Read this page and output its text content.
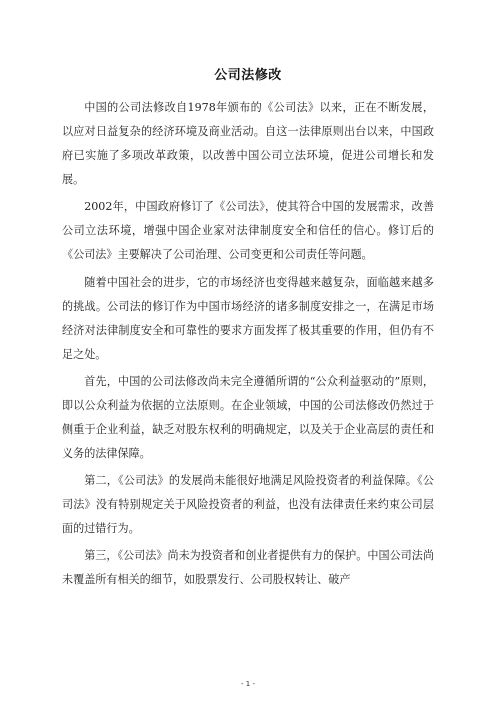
公司法修改

中国的公司法修改自1978年颁布的《公司法》以来，正在不断发展，以应对日益复杂的经济环境及商业活动。自这一法律原则出台以来，中国政府已实施了多项改革政策，以改善中国公司立法环境，促进公司增长和发展。

2002年，中国政府修订了《公司法》，使其符合中国的发展需求，改善公司立法环境，增强中国企业家对法律制度安全和信任的信心。修订后的《公司法》主要解决了公司治理、公司变更和公司责任等问题。

随着中国社会的进步，它的市场经济也变得越来越复杂，面临越来越多的挑战。公司法的修订作为中国市场经济的诸多制度安排之一，在满足市场经济对法律制度安全和可靠性的要求方面发挥了极其重要的作用，但仍有不足之处。

首先，中国的公司法修改尚未完全遵循所谓的“公众利益驱动的”原则，即以公众利益为依据的立法原则。在企业领域，中国的公司法修改仍然过于侧重于企业利益，缺乏对股东权利的明确规定，以及关于企业高层的责任和义务的法律保障。

第二，《公司法》的发展尚未能很好地满足风险投资者的利益保障。《公司法》没有特别规定关于风险投资者的利益，也没有法律责任来约束公司层面的过错行为。

第三，《公司法》尚未为投资者和创业者提供有力的保护。中国公司法尚未覆盖所有相关的细节，如股票发行、公司股权转让、破产

- 1 -
